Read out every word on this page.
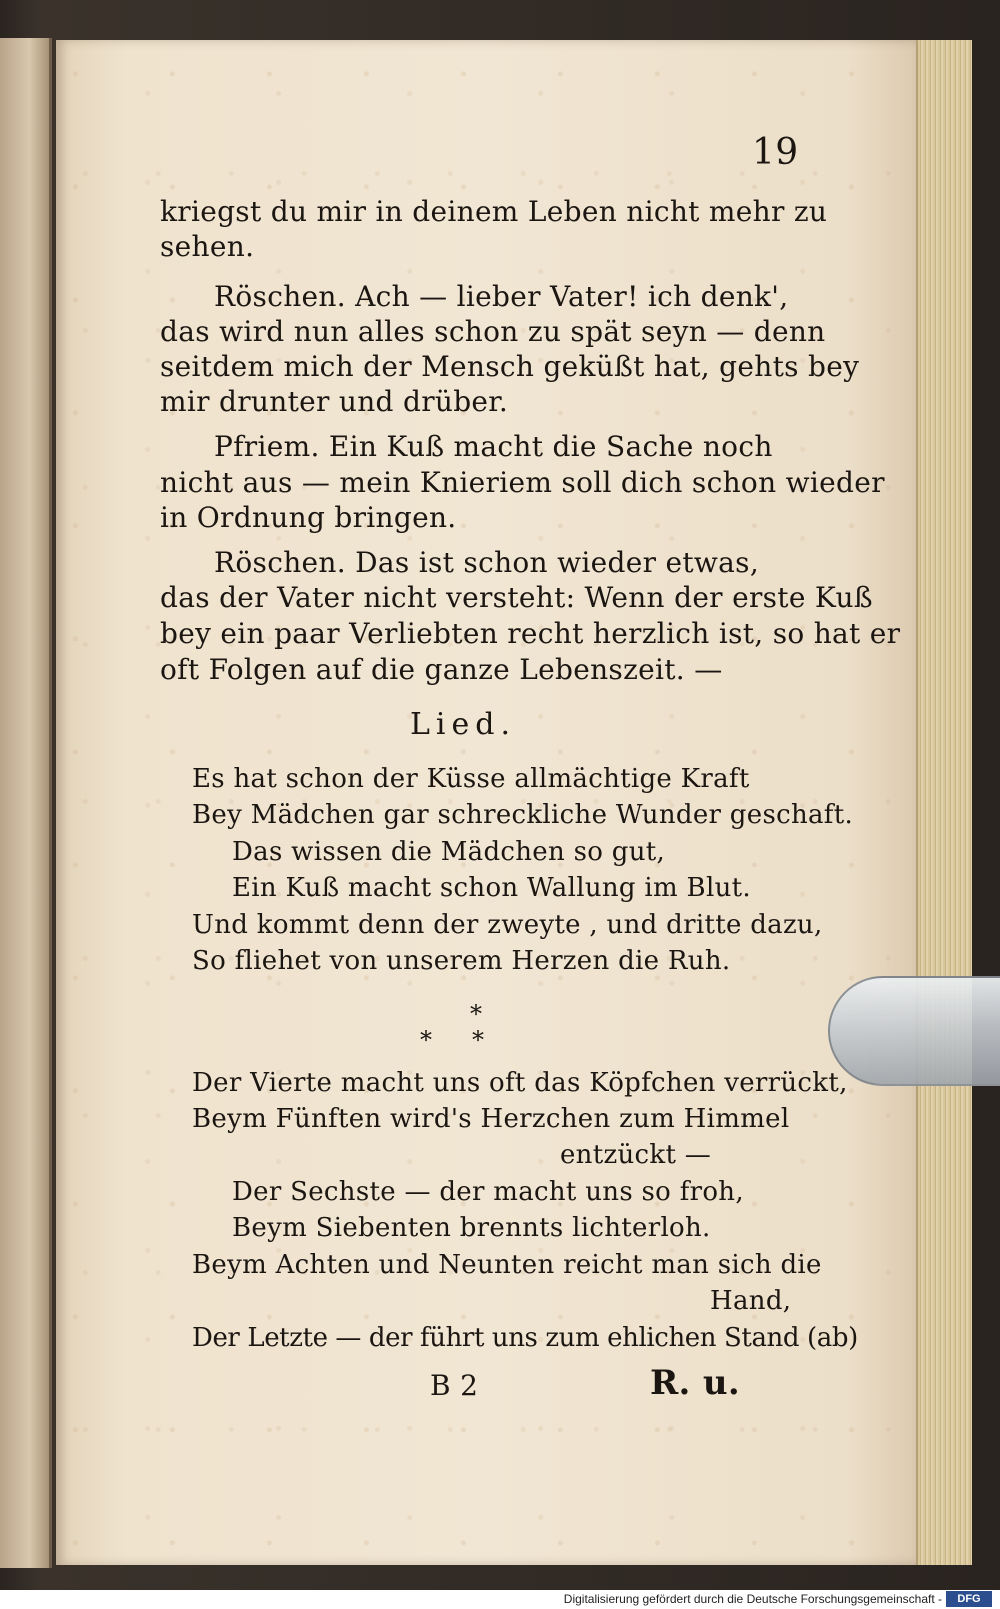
19
kriegst du mir in deinem Leben nicht mehr zu
sehen.
Röschen. Ach — lieber Vater! ich denk',
das wird nun alles schon zu spät seyn — denn
seitdem mich der Mensch geküßt hat, gehts bey
mir drunter und drüber.
Pfriem. Ein Kuß macht die Sache noch
nicht aus — mein Knieriem soll dich schon wieder
in Ordnung bringen.
Röschen. Das ist schon wieder etwas,
das der Vater nicht versteht: Wenn der erste Kuß
bey ein paar Verliebten recht herzlich ist, so hat er
oft Folgen auf die ganze Lebenszeit. —
Lied.
Es hat schon der Küsse allmächtige Kraft
Bey Mädchen gar schreckliche Wunder geschaft.
Das wissen die Mädchen so gut,
Ein Kuß macht schon Wallung im Blut.
Und kommt denn der zweyte , und dritte dazu,
So fliehet von unserem Herzen die Ruh.
*
*     *
Der Vierte macht uns oft das Köpfchen verrückt,
Beym Fünften wird's Herzchen zum Himmel
entzückt —
Der Sechste — der macht uns so froh,
Beym Siebenten brennts lichterloh.
Beym Achten und Neunten reicht man sich die
Hand,
Der Letzte — der führt uns zum ehlichen Stand (ab)
B 2	R. u.
Digitalisierung gefördert durch die Deutsche Forschungsgemeinschaft -	DFG
